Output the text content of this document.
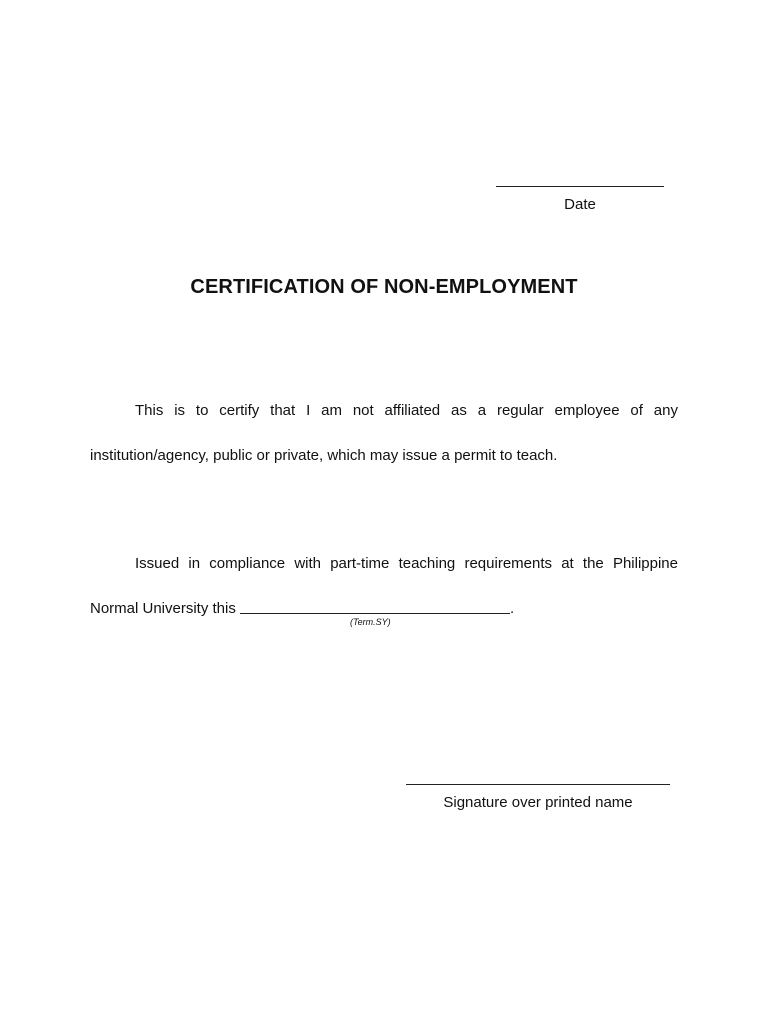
Date
CERTIFICATION OF NON-EMPLOYMENT

This is to certify that I am not affiliated as a regular employee of any
institution/agency, public or private, which may issue a permit to teach.

Issued in compliance with part-time teaching requirements at the Philippine
Normal University this	.

(Term.SY)
Signature over printed name
